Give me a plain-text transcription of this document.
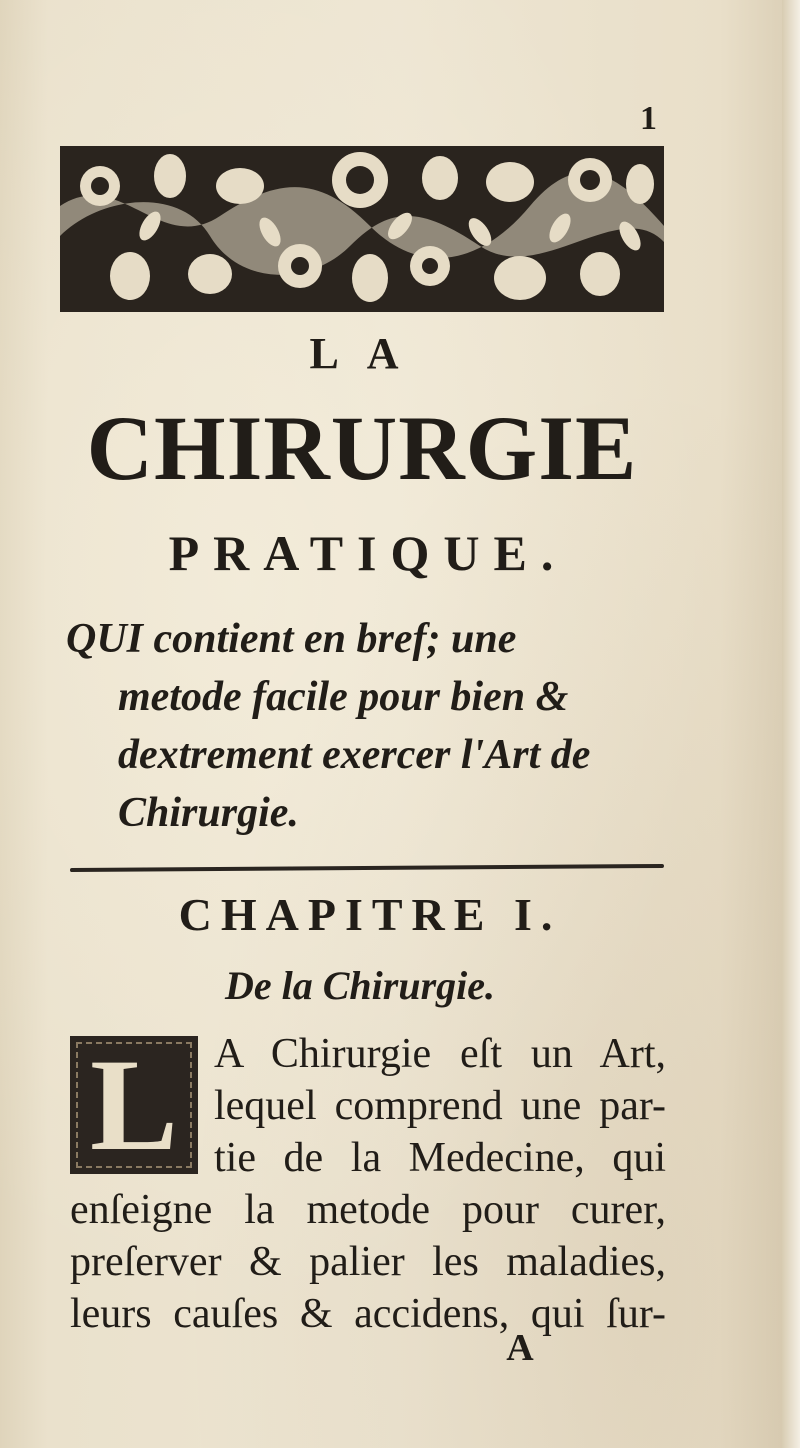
1
LA
CHIRURGIE
PRATIQUE.

QUI contient en bref; une

metode facile pour bien &

dextrement exercer l'Art de

Chirurgie.

CHAPITRE I.
De la Chirurgie.
L A Chirurgie eſt un Art,

lequel comprend une par-

tie de la Medecine, qui

enſeigne la metode pour curer,

preſerver & palier les maladies,

leurs cauſes & accidens, qui ſur-

A
